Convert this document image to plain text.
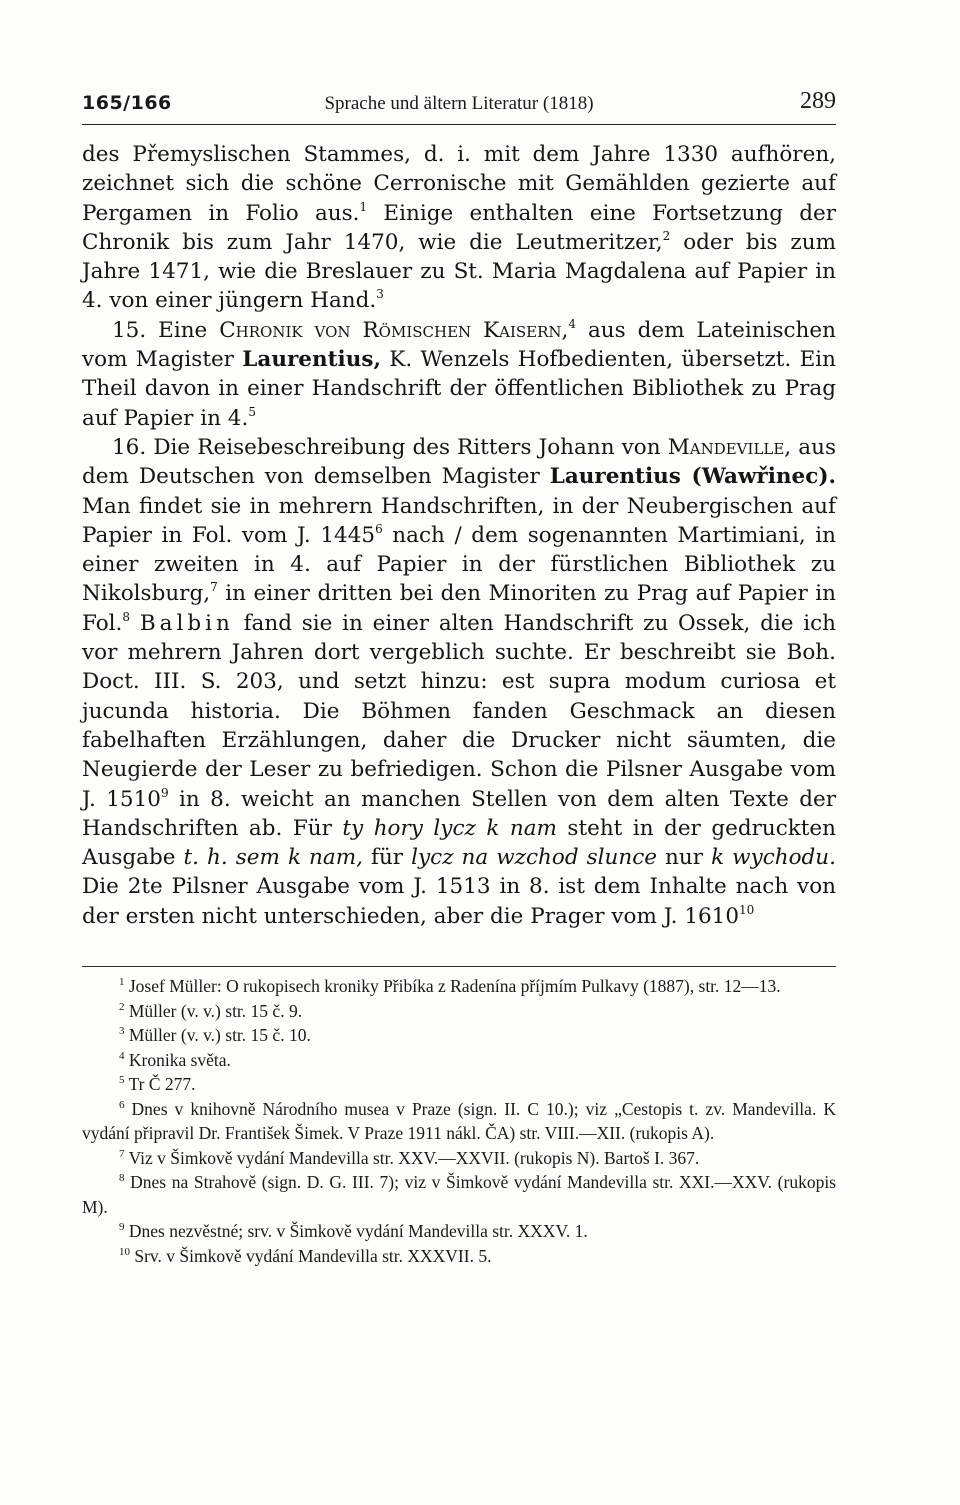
165/166	Sprache und ältern Literatur (1818)	289

des Přemyslischen Stammes, d. i. mit dem Jahre 1330 aufhören, zeichnet sich die schöne Cerronische mit Gemählden gezierte auf Pergamen in Folio aus.$^1$ Einige enthalten eine Fortsetzung der Chronik bis zum Jahr 1470, wie die Leutmeritzer,$^2$ oder bis zum Jahre 1471, wie die Breslauer zu St. Maria Magdalena auf Papier in 4. von einer jüngern Hand.$^3$

15. Eine Chronik von Römischen Kaisern,$^4$ aus dem Lateinischen vom Magister Laurentius, K. Wenzels Hofbedienten, übersetzt. Ein Theil davon in einer Handschrift der öffentlichen Bibliothek zu Prag auf Papier in 4.$^5$

16. Die Reisebeschreibung des Ritters Johann von Mandeville, aus dem Deutschen von demselben Magister Laurentius (Wawřinec). Man findet sie in mehrern Handschriften, in der Neubergischen auf Papier in Fol. vom J. 1445$^6$ nach / dem sogenannten Martimiani, in einer zweiten in 4. auf Papier in der fürstlichen Bibliothek zu Nikolsburg,$^7$ in einer dritten bei den Minoriten zu Prag auf Papier in Fol.$^8$ Balbin fand sie in einer alten Handschrift zu Ossek, die ich vor mehrern Jahren dort vergeblich suchte. Er beschreibt sie Boh. Doct. III. S. 203, und setzt hinzu: est supra modum curiosa et jucunda historia. Die Böhmen fanden Geschmack an diesen fabelhaften Erzählungen, daher die Drucker nicht säumten, die Neugierde der Leser zu befriedigen. Schon die Pilsner Ausgabe vom J. 1510$^9$ in 8. weicht an manchen Stellen von dem alten Texte der Handschriften ab. Für ty hory lycz k nam steht in der gedruckten Ausgabe t. h. sem k nam, für lycz na wzchod slunce nur k wychodu. Die 2te Pilsner Ausgabe vom J. 1513 in 8. ist dem Inhalte nach von der ersten nicht unterschieden, aber die Prager vom J. 1610$^{10}$

$^1$ Josef Müller: O rukopisech kroniky Přibíka z Radenína příjmím Pulkavy (1887), str. 12—13.

$^2$ Müller (v. v.) str. 15 č. 9.

$^3$ Müller (v. v.) str. 15 č. 10.

$^4$ Kronika světa.

$^5$ Tr Č 277.

$^6$ Dnes v knihovně Národního musea v Praze (sign. II. C 10.); viz „Cestopis t. zv. Mandevilla. K vydání připravil Dr. František Šimek. V Praze 1911 nákl. ČA) str. VIII.—XII. (rukopis A).

$^7$ Viz v Šimkově vydání Mandevilla str. XXV.—XXVII. (rukopis N). Bartoš I. 367.

$^8$ Dnes na Strahově (sign. D. G. III. 7); viz v Šimkově vydání Mandevilla str. XXI.—XXV. (rukopis M).

$^9$ Dnes nezvěstné; srv. v Šimkově vydání Mandevilla str. XXXV. 1.

$^{10}$ Srv. v Šimkově vydání Mandevilla str. XXXVII. 5.
